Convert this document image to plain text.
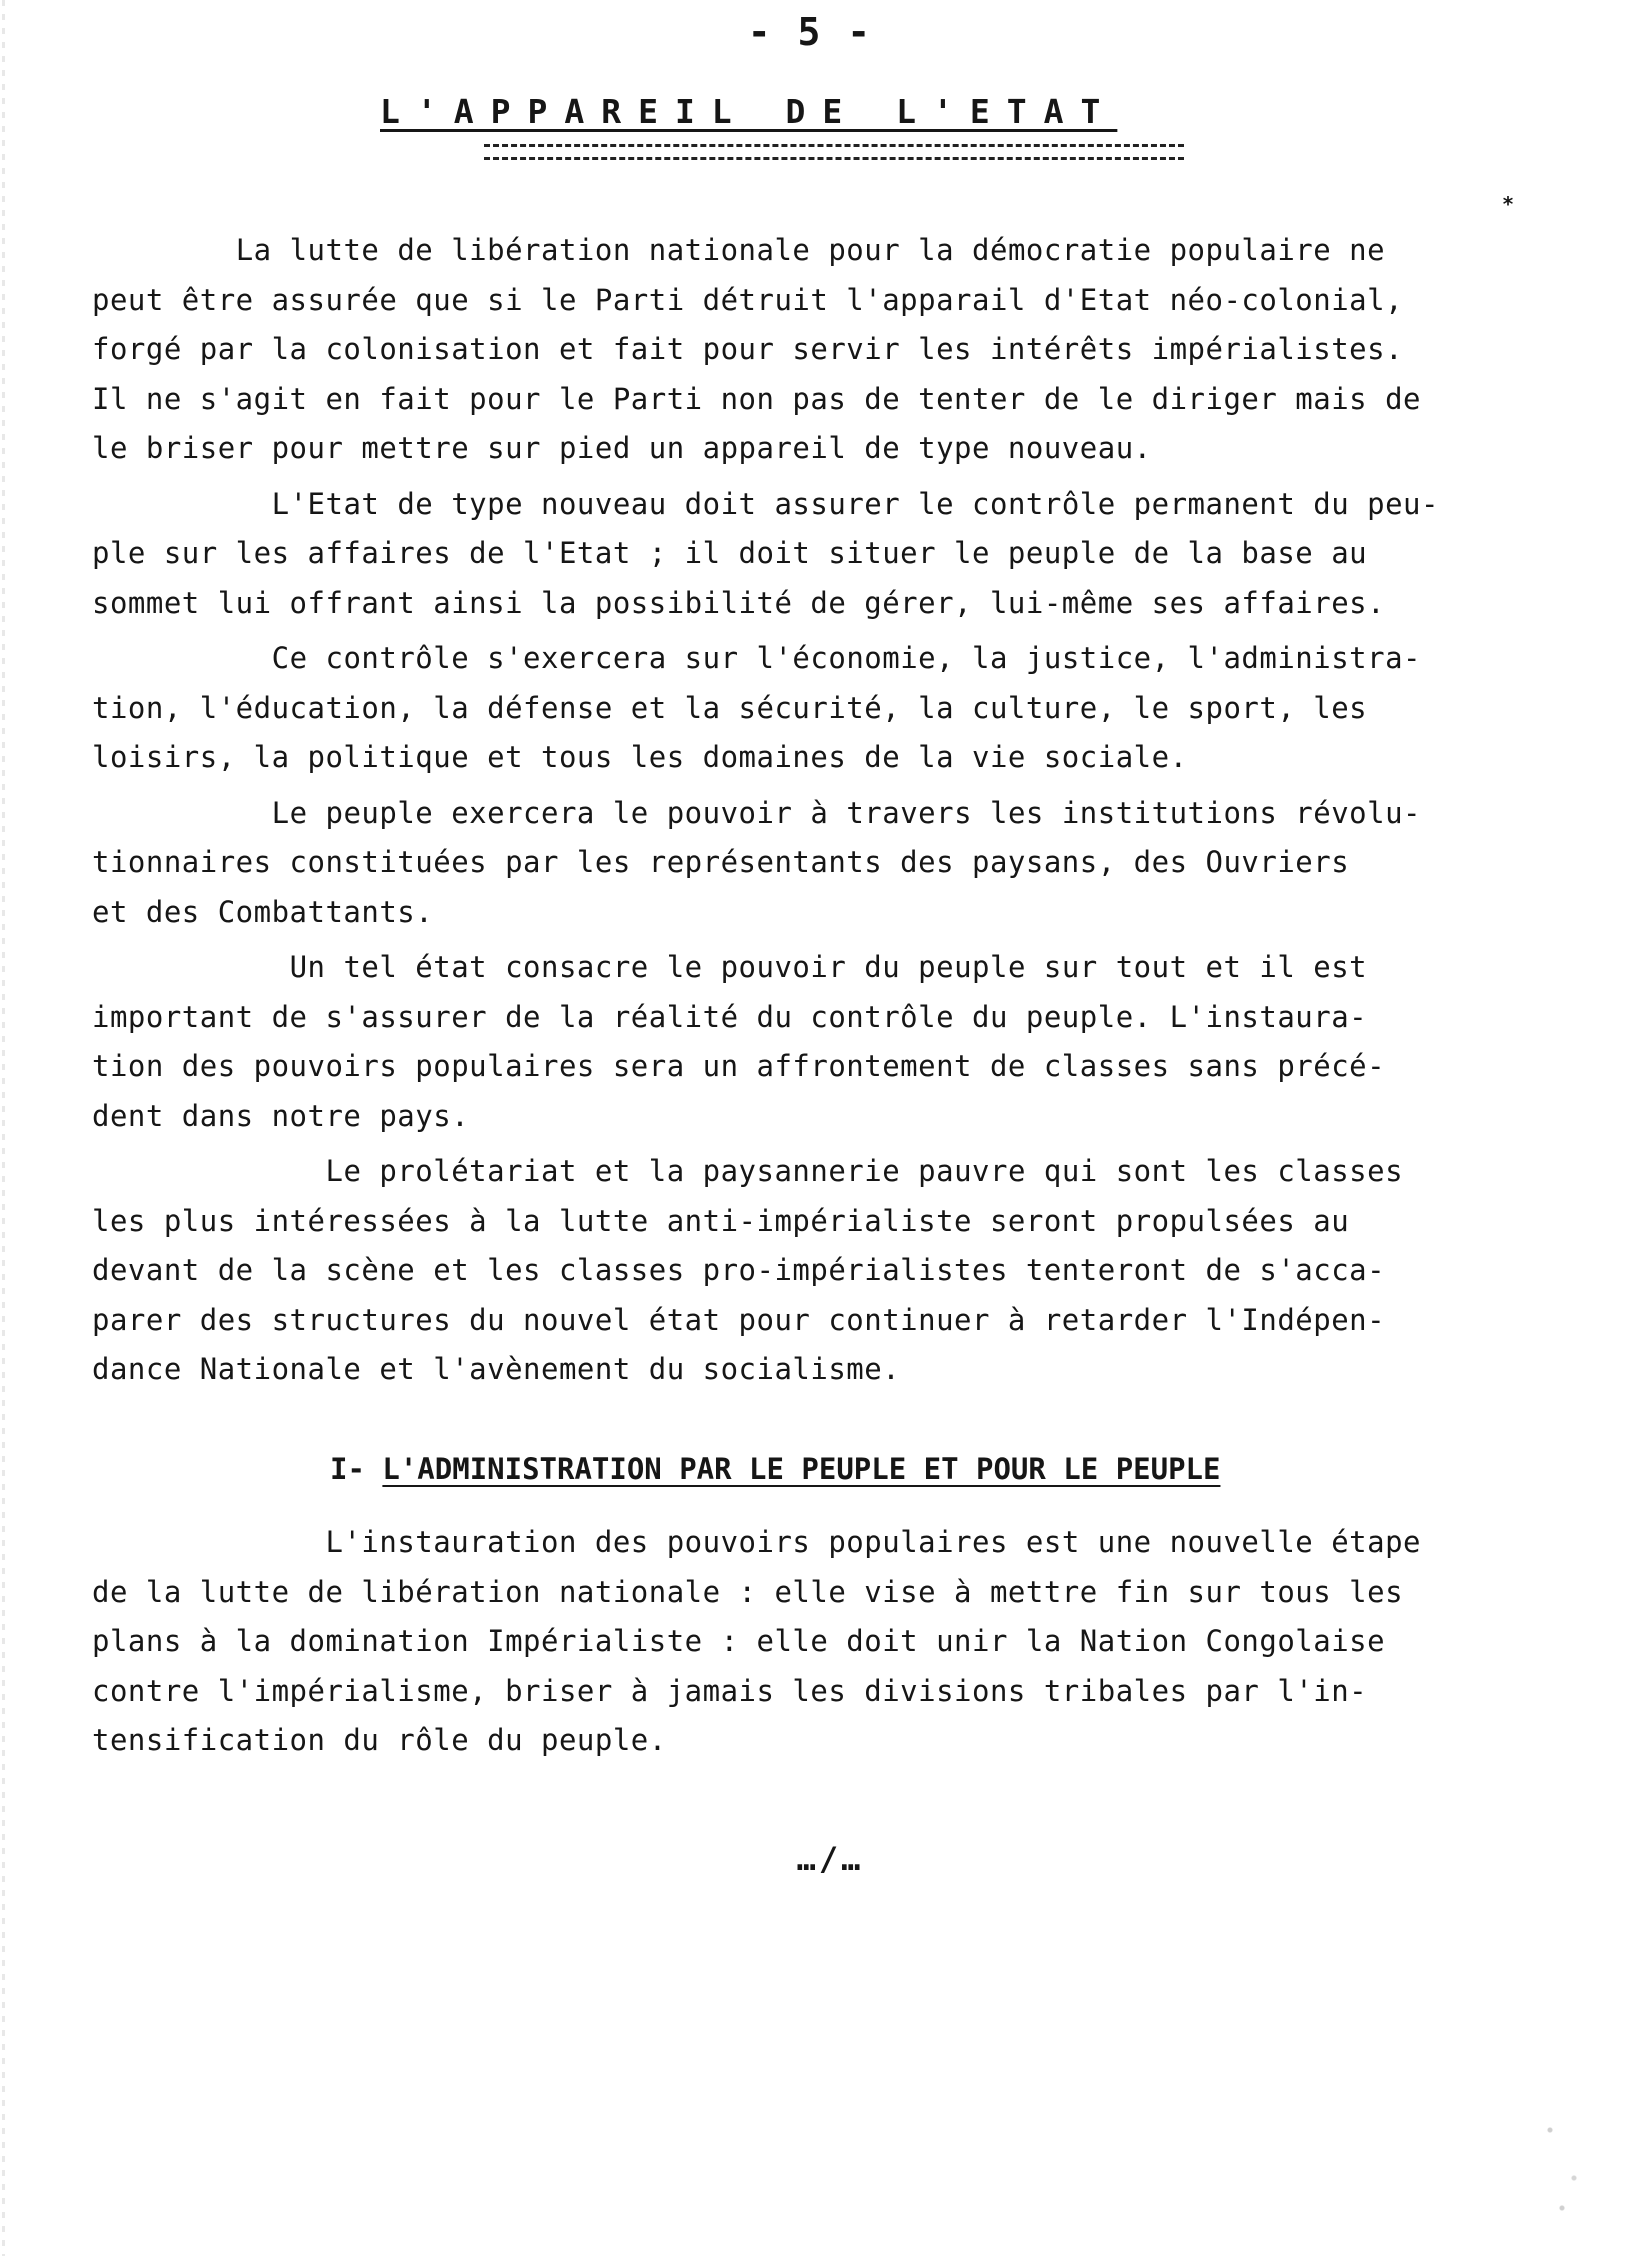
- 5 -
L'APPAREIL DE L'ETAT
*

La lutte de libération nationale pour la démocratie populaire ne
peut être assurée que si le Parti détruit l'apparail d'Etat néo-colonial,
forgé par la colonisation et fait pour servir les intérêts impérialistes.
Il ne s'agit en fait pour le Parti non pas de tenter de le diriger mais de
le briser pour mettre sur pied un appareil de type nouveau.

L'Etat de type nouveau doit assurer le contrôle permanent du peu-
ple sur les affaires de l'Etat ; il doit situer le peuple de la base au
sommet lui offrant ainsi la possibilité de gérer, lui-même ses affaires.

Ce contrôle s'exercera sur l'économie, la justice, l'administra-
tion, l'éducation, la défense et la sécurité, la culture, le sport, les
loisirs, la politique et tous les domaines de la vie sociale.

Le peuple exercera le pouvoir à travers les institutions révolu-
tionnaires constituées par les représentants des paysans, des Ouvriers
et des Combattants.

Un tel état consacre le pouvoir du peuple sur tout et il est
important de s'assurer de la réalité du contrôle du peuple. L'instaura-
tion des pouvoirs populaires sera un affrontement de classes sans précé-
dent dans notre pays.

Le prolétariat et la paysannerie pauvre qui sont les classes
les plus intéressées à la lutte anti-impérialiste seront propulsées au
devant de la scène et les classes pro-impérialistes tenteront de s'acca-
parer des structures du nouvel état pour continuer à retarder l'Indépen-
dance Nationale et l'avènement du socialisme.

I- L'ADMINISTRATION PAR LE PEUPLE ET POUR LE PEUPLE

L'instauration des pouvoirs populaires est une nouvelle étape
de la lutte de libération nationale : elle vise à mettre fin sur tous les
plans à la domination Impérialiste : elle doit unir la Nation Congolaise
contre l'impérialisme, briser à jamais les divisions tribales par l'in-
tensification du rôle du peuple.

…/…
